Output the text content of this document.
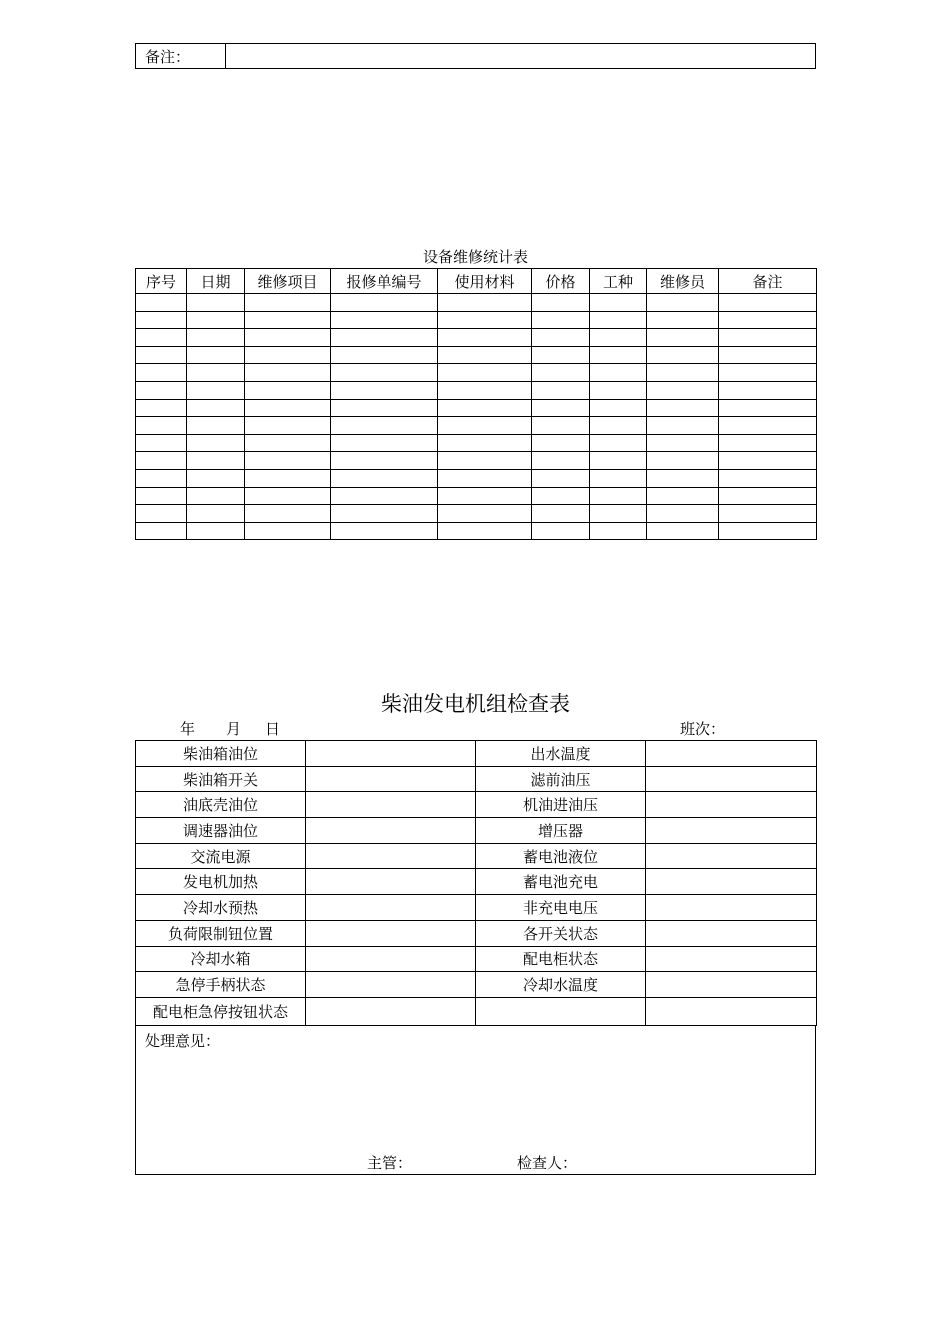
备注：	
设备维修统计表
序号	日期	维修项目	报修单编号	使用材料	价格	工种	维修员	备注

柴油发电机组检查表
年 月 日	班次：
柴油箱油位		出水温度	
柴油箱开关		滤前油压	
油底壳油位		机油进油压	
调速器油位		增压器	
交流电源		蓄电池液位	
发电机加热		蓄电池充电	
冷却水预热		非充电电压	
负荷限制钮位置		各开关状态	
冷却水箱		配电柜状态	
急停手柄状态		冷却水温度	
配电柜急停按钮状态			
处理意见：
主管：	检查人：
